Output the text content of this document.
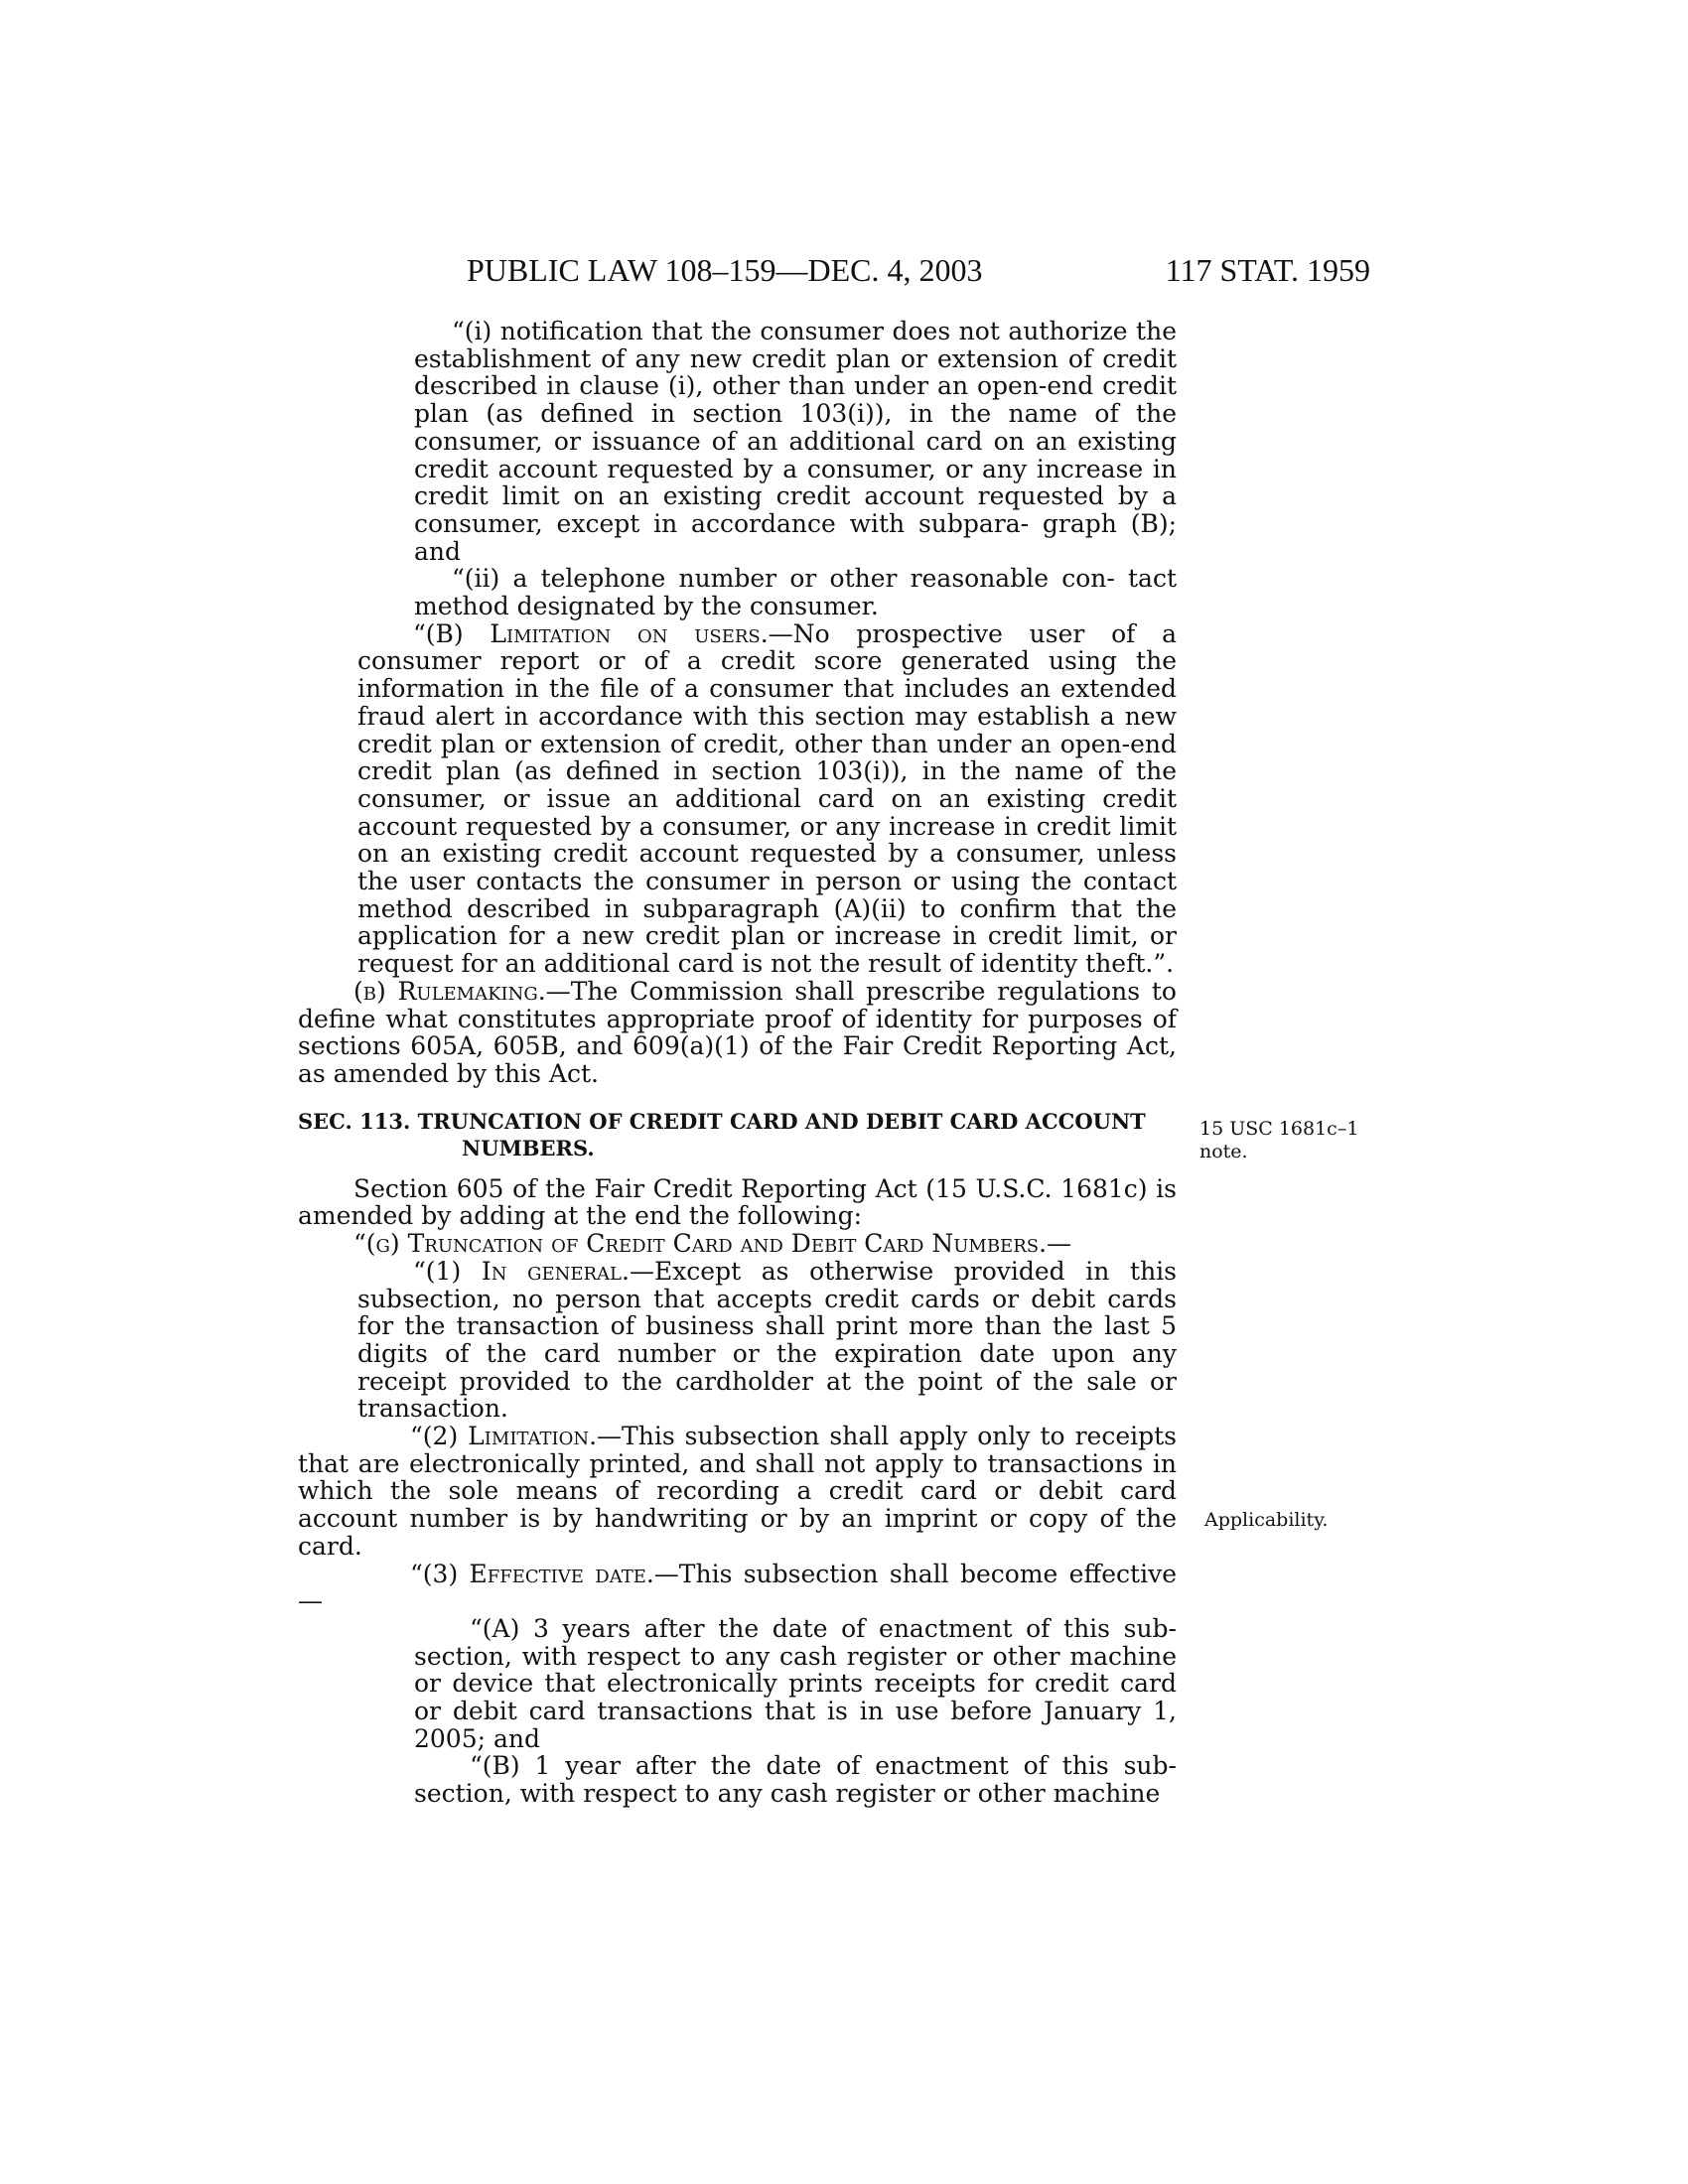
PUBLIC LAW 108–159—DEC. 4, 2003	117 STAT. 1959

“(i) notification that the consumer does not authorize the establishment of any new credit plan or extension of credit described in clause (i), other than under an open-end credit plan (as defined in section 103(i)), in the name of the consumer, or issuance of an additional card on an existing credit account requested by a consumer, or any increase in credit limit on an existing credit account requested by a consumer, except in accordance with subpara- graph (B); and

“(ii) a telephone number or other reasonable con- tact method designated by the consumer.

“(B) Limitation on users.—No prospective user of a consumer report or of a credit score generated using the information in the file of a consumer that includes an extended fraud alert in accordance with this section may establish a new credit plan or extension of credit, other than under an open-end credit plan (as defined in section 103(i)), in the name of the consumer, or issue an additional card on an existing credit account requested by a consumer, or any increase in credit limit on an existing credit account requested by a consumer, unless the user contacts the consumer in person or using the contact method described in subparagraph (A)(ii) to confirm that the application for a new credit plan or increase in credit limit, or request for an additional card is not the result of identity theft.”.

(b) Rulemaking.—The Commission shall prescribe regulations to define what constitutes appropriate proof of identity for purposes of sections 605A, 605B, and 609(a)(1) of the Fair Credit Reporting Act, as amended by this Act.

SEC. 113. TRUNCATION OF CREDIT CARD AND DEBIT CARD ACCOUNT
NUMBERS.

Section 605 of the Fair Credit Reporting Act (15 U.S.C. 1681c) is amended by adding at the end the following:

“(g) Truncation of Credit Card and Debit Card Numbers.—

“(1) In general.—Except as otherwise provided in this subsection, no person that accepts credit cards or debit cards for the transaction of business shall print more than the last 5 digits of the card number or the expiration date upon any receipt provided to the cardholder at the point of the sale or transaction.

“(2) Limitation.—This subsection shall apply only to receipts that are electronically printed, and shall not apply to transactions in which the sole means of recording a credit card or debit card account number is by handwriting or by an imprint or copy of the card.

“(3) Effective date.—This subsection shall become effective—

“(A) 3 years after the date of enactment of this sub- section, with respect to any cash register or other machine or device that electronically prints receipts for credit card or debit card transactions that is in use before January 1, 2005; and

“(B) 1 year after the date of enactment of this sub- section, with respect to any cash register or other machine

15 USC 1681c–1
note.
Applicability.
